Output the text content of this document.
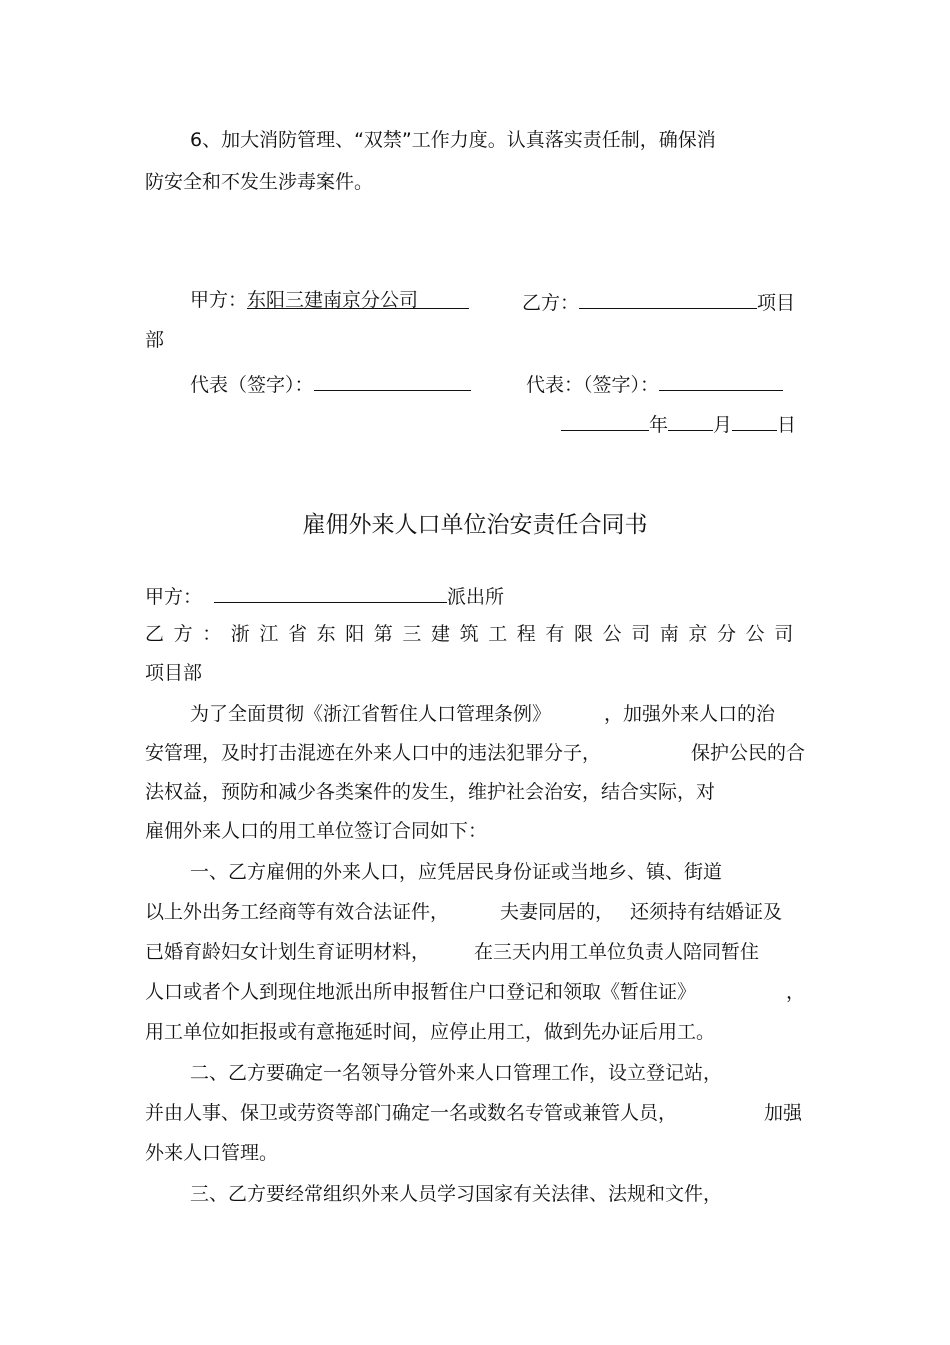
6、加大消防管理、“双禁”工作力度。认真落实责任制，确保消
防安全和不发生涉毒案件。
甲方：东阳三建南京分公司	乙方：	项目
部
代表（签字）：	代表：（签字）：
年 月 日
雇佣外来人口单位治安责任合同书
甲方：	派出所
乙方：浙江省东阳第三建筑工程有限公司南京分公司
项目部
为了全面贯彻《浙江省暂住人口管理条例》	，加强外来人口的治
安管理，及时打击混迹在外来人口中的违法犯罪分子，	保护公民的合
法权益，预防和减少各类案件的发生，维护社会治安，结合实际，对
雇佣外来人口的用工单位签订合同如下：
一、乙方雇佣的外来人口，应凭居民身份证或当地乡、镇、街道
以上外出务工经商等有效合法证件，	夫妻同居的， 还须持有结婚证及
已婚育龄妇女计划生育证明材料， 在三天内用工单位负责人陪同暂住
人口或者个人到现住地派出所申报暂住户口登记和领取《暂住证》	，
用工单位如拒报或有意拖延时间，应停止用工，做到先办证后用工。
二、乙方要确定一名领导分管外来人口管理工作，设立登记站，
并由人事、保卫或劳资等部门确定一名或数名专管或兼管人员，	加强
外来人口管理。
三、乙方要经常组织外来人员学习国家有关法律、法规和文件，
